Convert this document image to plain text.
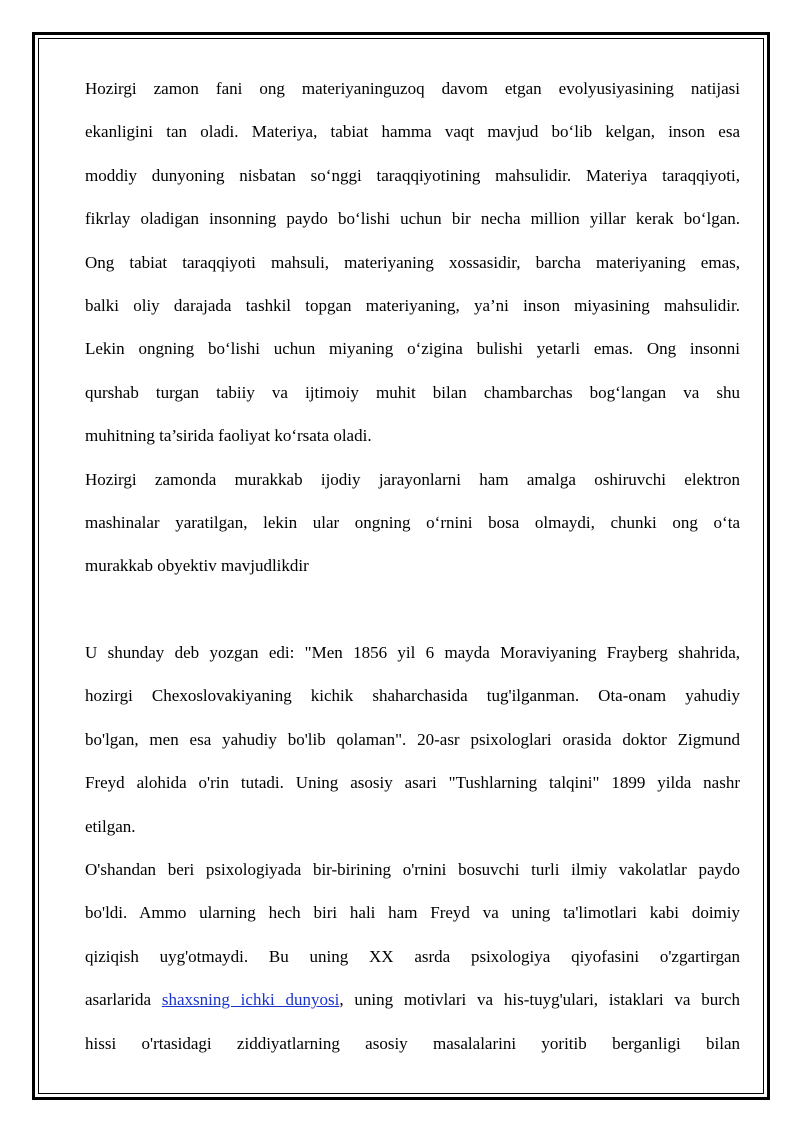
Hozirgi zamon fani ong materiyaninguzoq davom etgan evolyusiyasining natijasi
ekanligini tan oladi. Materiya, tabiat hamma vaqt mavjud bo‘lib kelgan, inson esa
moddiy dunyoning nisbatan so‘nggi taraqqiyotining mahsulidir. Materiya taraqqiyoti,
fikrlay oladigan insonning paydo bo‘lishi uchun bir necha million yillar kerak bo‘lgan.
Ong tabiat taraqqiyoti mahsuli, materiyaning xossasidir, barcha materiyaning emas,
balki oliy darajada tashkil topgan materiyaning, ya’ni inson miyasining mahsulidir.
Lekin ongning bo‘lishi uchun miyaning o‘zigina bulishi yetarli emas. Ong insonni
qurshab turgan tabiiy va ijtimoiy muhit bilan chambarchas bog‘langan va shu
muhitning ta’sirida faoliyat ko‘rsata oladi.
Hozirgi zamonda murakkab ijodiy jarayonlarni ham amalga oshiruvchi elektron
mashinalar yaratilgan, lekin ular ongning o‘rnini bosa olmaydi, chunki ong o‘ta
murakkab obyektiv mavjudlikdir
U shunday deb yozgan edi: "Men 1856 yil 6 mayda Moraviyaning Frayberg shahrida,
hozirgi Chexoslovakiyaning kichik shaharchasida tug'ilganman. Ota-onam yahudiy
bo'lgan, men esa yahudiy bo'lib qolaman". 20-asr psixologlari orasida doktor Zigmund
Freyd alohida o'rin tutadi. Uning asosiy asari "Tushlarning talqini" 1899 yilda nashr
etilgan.
O'shandan beri psixologiyada bir-birining o'rnini bosuvchi turli ilmiy vakolatlar paydo
bo'ldi. Ammo ularning hech biri hali ham Freyd va uning ta'limotlari kabi doimiy
qiziqish uyg'otmaydi. Bu uning XX asrda psixologiya qiyofasini o'zgartirgan
asarlarida shaxsning ichki dunyosi, uning motivlari va his-tuyg'ulari, istaklari va burch
hissi o'rtasidagi ziddiyatlarning asosiy masalalarini yoritib berganligi bilan
